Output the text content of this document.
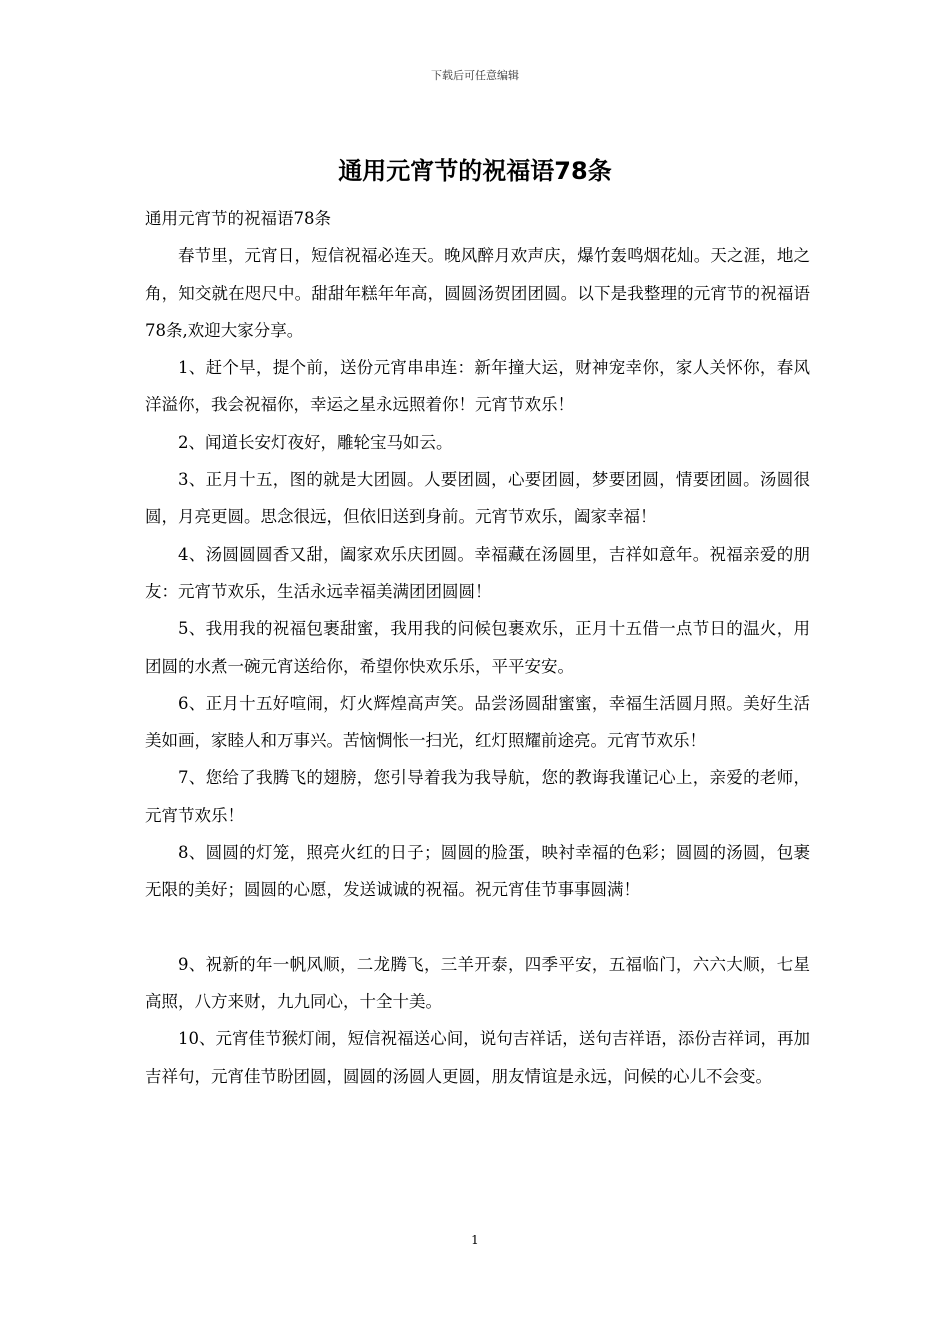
下载后可任意编辑
通用元宵节的祝福语78条

通用元宵节的祝福语78条

春节里，元宵日，短信祝福必连天。晚风醉月欢声庆，爆竹轰鸣烟花灿。天之涯，地之角，知交就在咫尺中。甜甜年糕年年高，圆圆汤贺团团圆。以下是我整理的元宵节的祝福语78条,欢迎大家分享。

1、赶个早，提个前，送份元宵串串连：新年撞大运，财神宠幸你，家人关怀你，春风洋溢你，我会祝福你，幸运之星永远照着你！元宵节欢乐！

2、闻道长安灯夜好，雕轮宝马如云。

3、正月十五，图的就是大团圆。人要团圆，心要团圆，梦要团圆，情要团圆。汤圆很圆，月亮更圆。思念很远，但依旧送到身前。元宵节欢乐，阖家幸福！

4、汤圆圆圆香又甜，阖家欢乐庆团圆。幸福藏在汤圆里，吉祥如意年。祝福亲爱的朋友：元宵节欢乐，生活永远幸福美满团团圆圆！

5、我用我的祝福包裹甜蜜，我用我的问候包裹欢乐，正月十五借一点节日的温火，用团圆的水煮一碗元宵送给你，希望你快欢乐乐，平平安安。

6、正月十五好喧闹，灯火辉煌高声笑。品尝汤圆甜蜜蜜，幸福生活圆月照。美好生活美如画，家睦人和万事兴。苦恼惆怅一扫光，红灯照耀前途亮。元宵节欢乐！

7、您给了我腾飞的翅膀，您引导着我为我导航，您的教诲我谨记心上，亲爱的老师，元宵节欢乐！

8、圆圆的灯笼，照亮火红的日子；圆圆的脸蛋，映衬幸福的色彩；圆圆的汤圆，包裹无限的美好；圆圆的心愿，发送诚诚的祝福。祝元宵佳节事事圆满！

9、祝新的年一帆风顺，二龙腾飞，三羊开泰，四季平安，五福临门，六六大顺，七星高照，八方来财，九九同心，十全十美。

10、元宵佳节猴灯闹，短信祝福送心间，说句吉祥话，送句吉祥语，添份吉祥词，再加吉祥句，元宵佳节盼团圆，圆圆的汤圆人更圆，朋友情谊是永远，问候的心儿不会变。

1
